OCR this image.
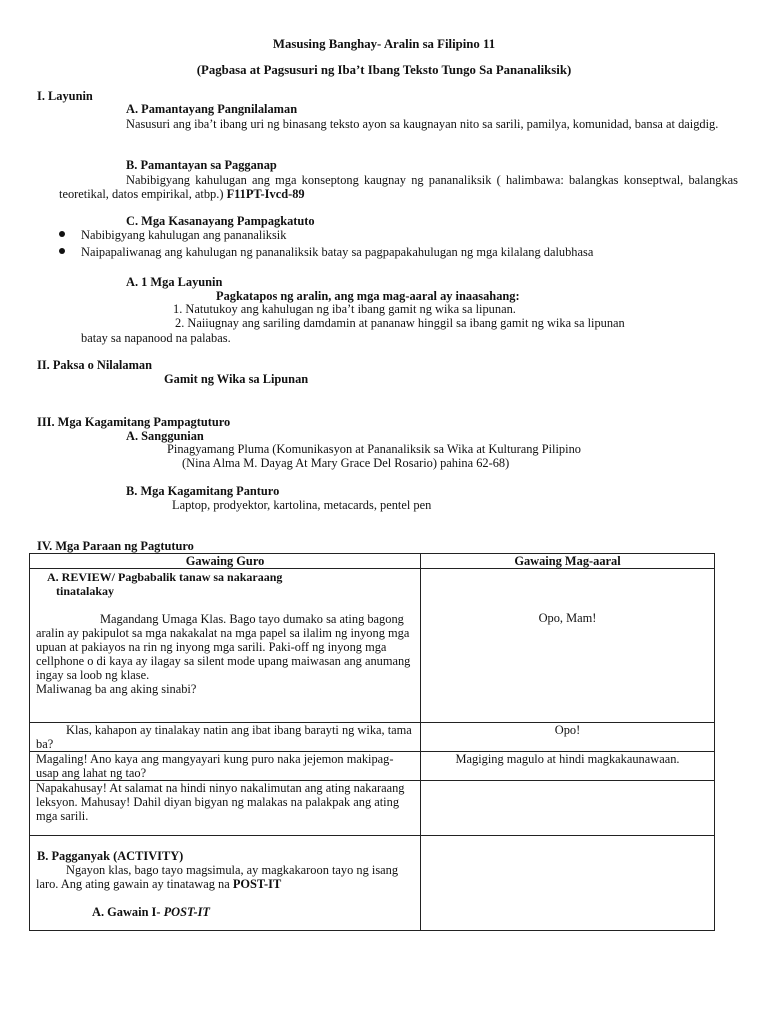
Masusing Banghay- Aralin sa Filipino 11
(Pagbasa at Pagsusuri ng Iba’t Ibang Teksto Tungo Sa Pananaliksik)
I. Layunin
A. Pamantayang Pangnilalaman
Nasusuri ang iba’t ibang uri ng binasang teksto ayon sa kaugnayan nito sa sarili, pamilya, komunidad, bansa at daigdig.
B. Pamantayan sa Pagganap
Nabibigyang kahulugan ang mga konseptong kaugnay ng pananaliksik ( halimbawa: balangkas konseptwal, balangkas teoretikal, datos empirikal, atbp.) F11PT-Ivcd-89
C. Mga Kasanayang Pampagkatuto
Nabibigyang kahulugan ang pananaliksik
Naipapaliwanag ang kahulugan ng pananaliksik batay sa pagpapakahulugan ng mga kilalang dalubhasa
A. 1 Mga Layunin
Pagkatapos ng aralin, ang mga mag-aaral ay inaasahang:
1. Natutukoy ang kahulugan ng iba’t ibang gamit ng wika sa lipunan.
2. Naiiugnay ang sariling damdamin at pananaw hinggil sa ibang gamit ng wika sa lipunan
batay sa napanood na palabas.
II. Paksa o Nilalaman
Gamit ng Wika sa Lipunan
III. Mga Kagamitang Pampagtuturo
A. Sanggunian
Pinagyamang Pluma (Komunikasyon at Pananaliksik sa Wika at Kulturang Pilipino
(Nina Alma M. Dayag At Mary Grace Del Rosario) pahina 62-68)
B. Mga Kagamitang Panturo
Laptop, prodyektor, kartolina, metacards, pentel pen
IV. Mga Paraan ng Pagtuturo
Gawaing Guro	Gawaing Mag-aaral

A. REVIEW/ Pagbabalik tanaw sa nakaraang
tinatalakay
Magandang Umaga Klas. Bago tayo dumako sa ating bagong aralin ay pakipulot sa mga nakakalat na mga papel sa ilalim ng inyong mga upuan at pakiayos na rin ng inyong mga sarili. Paki-off ng inyong mga cellphone o di kaya ay ilagay sa silent mode upang maiwasan ang anumang ingay sa loob ng klase.
Maliwanag ba ang aking sinabi?	Opo, Mam!

Klas, kahapon ay tinalakay natin ang ibat ibang barayti ng wika, tama ba?	Opo!

Magaling! Ano kaya ang mangyayari kung puro naka jejemon makipag-usap ang lahat ng tao?	Magiging magulo at hindi magkakaunawaan.

Napakahusay! At salamat na hindi ninyo nakalimutan ang ating nakaraang leksyon. Mahusay! Dahil diyan bigyan ng malakas na palakpak ang ating mga sarili.	

B. Pagganyak (ACTIVITY)
Ngayon klas, bago tayo magsimula, ay magkakaroon tayo ng isang laro. Ang ating gawain ay tinatawag na POST-IT
A. Gawain I- POST-IT	
